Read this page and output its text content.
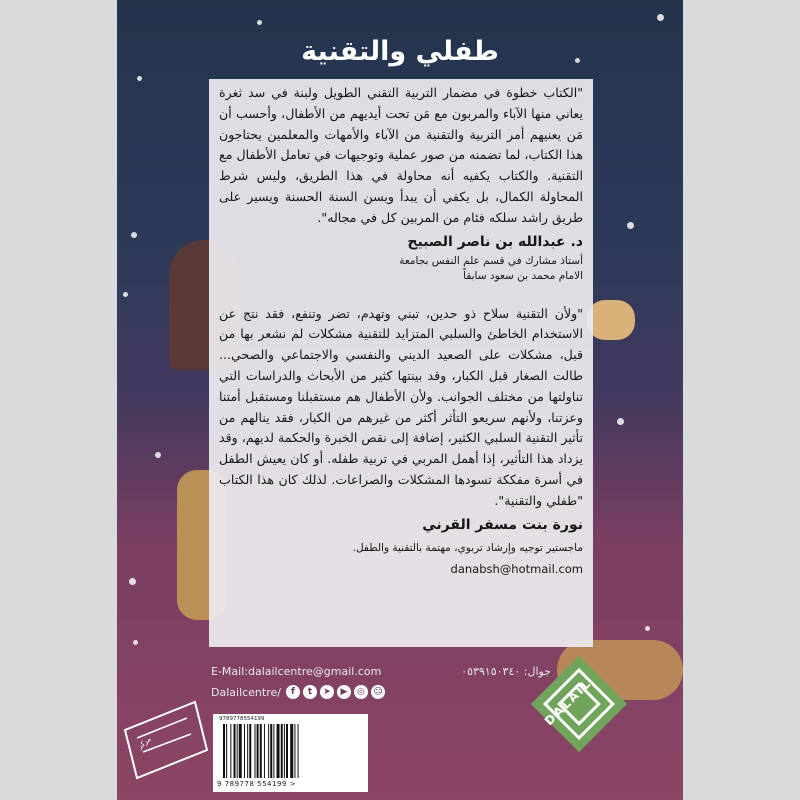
طفلي والتقنية

"الكتاب خطوة في مضمار التربية التقني الطويل ولبنة في سد ثغرة يعاني منها الآباء والمربون مع مَن تحت أيديهم من الأطفال، وأحسب أن مَن يعنيهم أمر التربية والتقنية من الآباء والأمهات والمعلمين يحتاجون هذا الكتاب، لما تضمنه من صور عملية وتوجيهات في تعامل الأطفال مع التقنية. والكتاب يكفيه أنه محاولة في هذا الطريق، وليس شرط المحاولة الكمال، بل يكفي أن يبدأ ويسن السنة الحسنة ويسير على طريق راشد سلكه فئام من المربين كل في مجاله".

د. عبدالله بن ناصر الصبيح

أستاذ مشارك في قسم علم النفس بجامعة

الامام محمد بن سعود سابقاً

"ولأن التقنية سلاح ذو حدين، تبني وتهدم، تضر وتنفع، فقد نتج عن الاستخدام الخاطئ والسلبي المتزايد للتقنية مشكلات لم نشعر بها من قبل، مشكلات على الصعيد الديني والنفسي والاجتماعي والصحي... طالت الصغار قبل الكبار، وقد بينتها كثير من الأبحاث والدراسات التي تناولتها من مختلف الجوانب. ولأن الأطفال هم مستقبلنا ومستقبل أمتنا وعزتنا، ولأنهم سريعو التأثر أكثر من غيرهم من الكبار، فقد ينالهم من تأثير التقنية السلبي الكثير، إضافة إلى نقص الخبرة والحكمة لديهم، وقد يزداد هذا التأثير، إذا أهمل المربي في تربية طفله. أو كان يعيش الطفل في أسرة مفككة تسودها المشكلات والصراعات. لذلك كان هذا الكتاب "طفلي والتقنية".

نورة بنت مسفر القرني

ماجستير توجيه وإرشاد تربوي، مهتمة بالتقنية والطفل.

danabsh@hotmail.com
E-Mail:dalailcentre@gmail.com	جوال: ٠٥٣٩١٥٠٣٤٠
Dalailcentre/	f	t	➤	▶	◎ ☺
مركز
9789778554199
9 789778 554199 >
DALAIL
